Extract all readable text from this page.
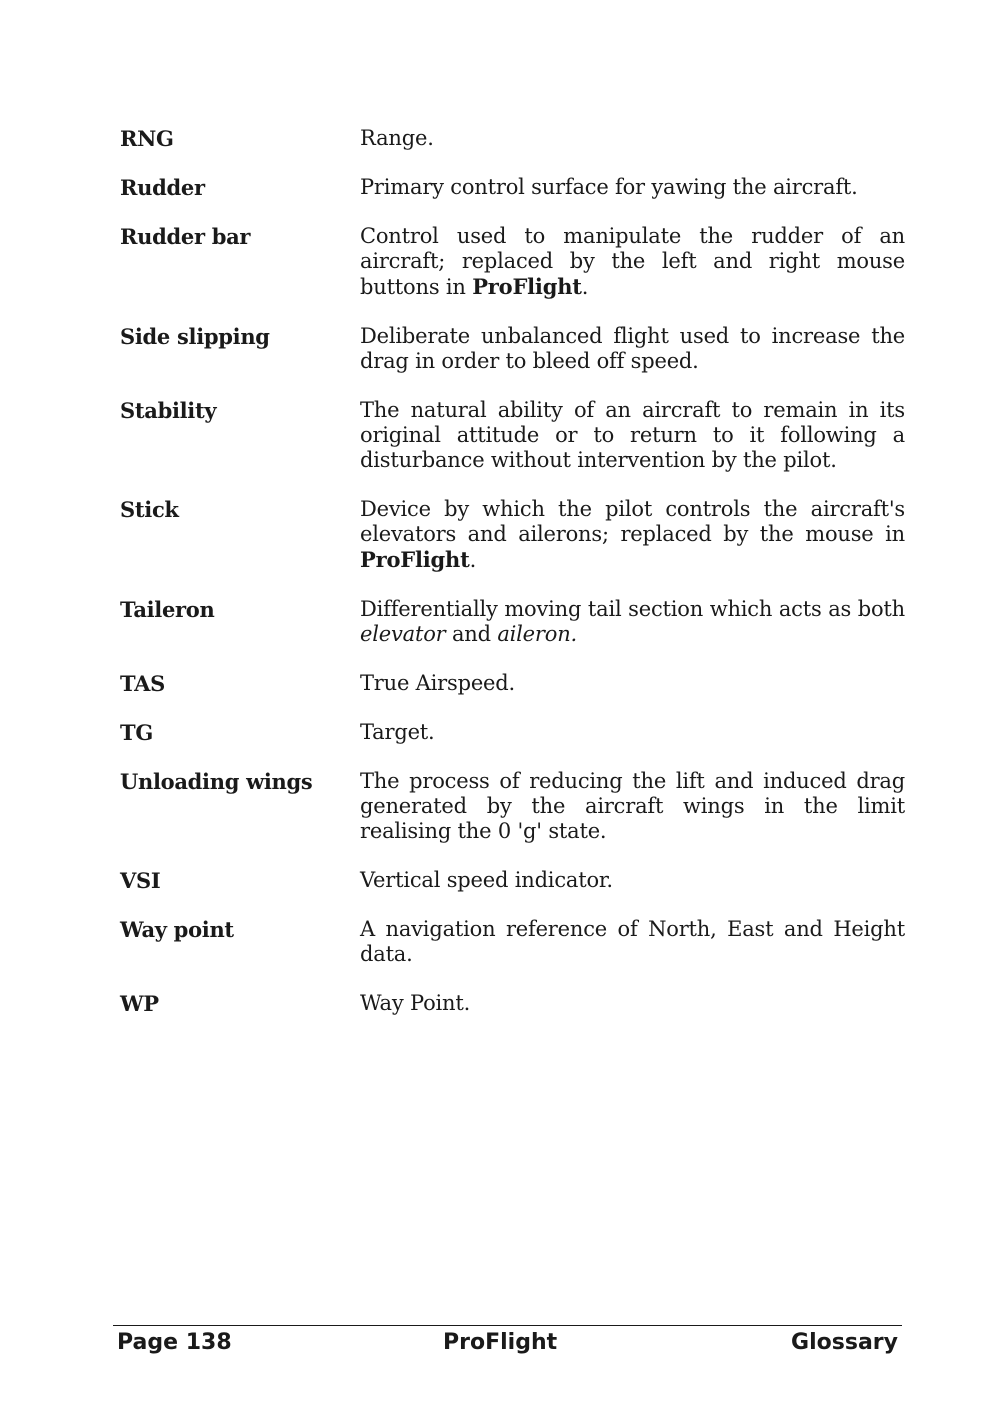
RNG	Range.
Rudder	Primary control surface for yawing the aircraft.
Rudder bar	Control used to manipulate the rudder of an aircraft; replaced by the left and right mouse buttons in ProFlight.
Side slipping	Deliberate unbalanced flight used to increase the drag in order to bleed off speed.
Stability	The natural ability of an aircraft to remain in its original attitude or to return to it following a disturbance without intervention by the pilot.
Stick	Device by which the pilot controls the aircraft's elevators and ailerons; replaced by the mouse in ProFlight.
Taileron	Differentially moving tail section which acts as both elevator and aileron.
TAS	True Airspeed.
TG	Target.
Unloading wings	The process of reducing the lift and induced drag generated by the aircraft wings in the limit realising the 0 'g' state.
VSI	Vertical speed indicator.
Way point	A navigation reference of North, East and Height data.
WP	Way Point.
Page 138	ProFlight	Glossary
